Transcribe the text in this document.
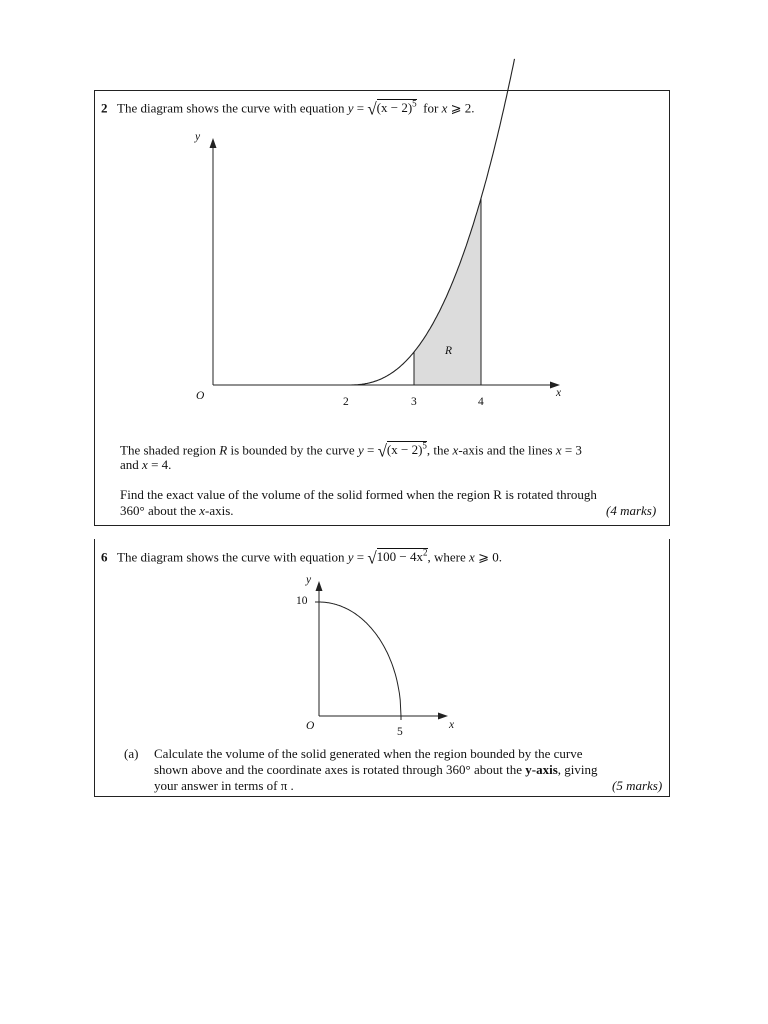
2 The diagram shows the curve with equation $y = √(x - 2)^5$ for x ⩾ 2.
y
x
O	2	3	4
R
The shaded region R is bounded by the curve $y = √(x - 2)^5$, the x-axis and the lines x = 3
and x = 4.
Find the exact value of the volume of the solid formed when the region R is rotated through
360° about the x-axis.	(4 marks)
6 The diagram shows the curve with equation $y = √100 - 4x^2$, where x ⩾ 0.
y
10
O	5
x
(a) Calculate the volume of the solid generated when the region bounded by the curve
shown above and the coordinate axes is rotated through 360° about the y-axis, giving
your answer in terms of π .	(5 marks)
